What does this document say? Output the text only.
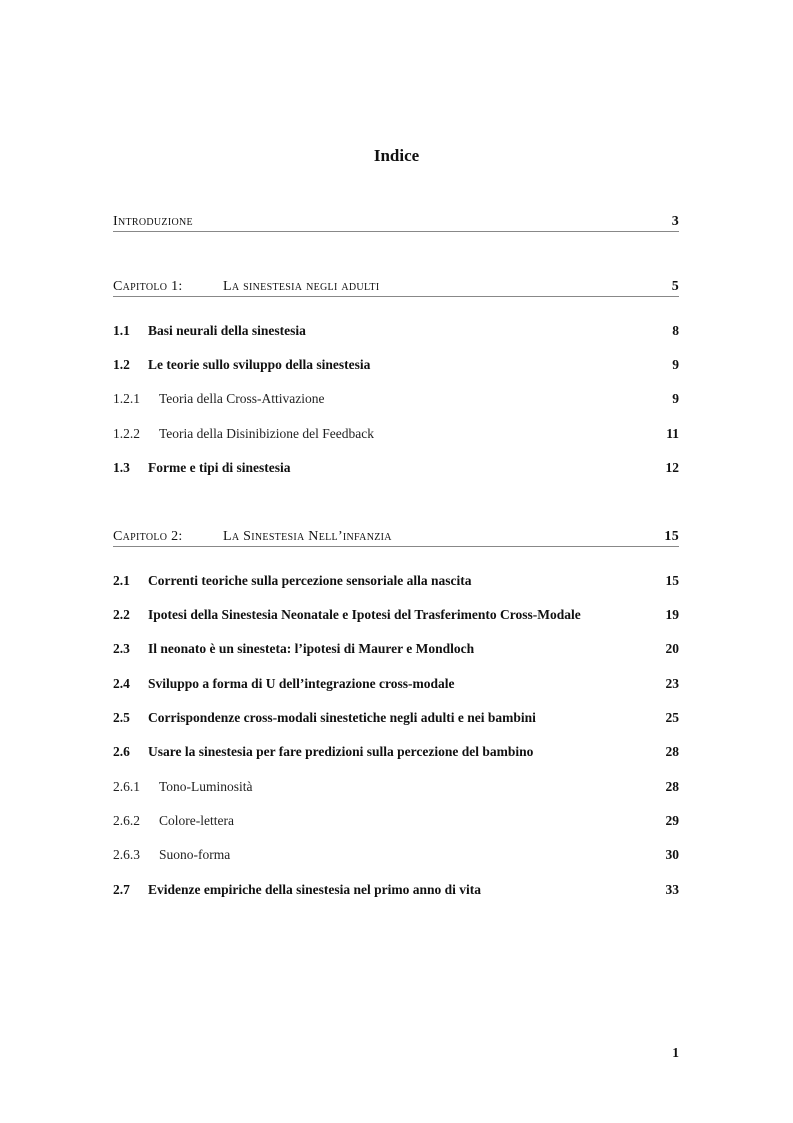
Indice
Introduzione	3
Capitolo 1:	La sinestesia negli adulti	5
1.1 Basi neurali della sinestesia	8
1.2 Le teorie sullo sviluppo della sinestesia	9
1.2.1 Teoria della Cross-Attivazione	9
1.2.2 Teoria della Disinibizione del Feedback	11
1.3 Forme e tipi di sinestesia	12
Capitolo 2:	La Sinestesia Nell’infanzia	15
2.1 Correnti teoriche sulla percezione sensoriale alla nascita	15
2.2 Ipotesi della Sinestesia Neonatale e Ipotesi del Trasferimento Cross-Modale	19
2.3 Il neonato è un sinesteta: l’ipotesi di Maurer e Mondloch	20
2.4 Sviluppo a forma di U dell’integrazione cross-modale	23
2.5 Corrispondenze cross-modali sinestetiche negli adulti e nei bambini	25
2.6 Usare la sinestesia per fare predizioni sulla percezione del bambino	28
2.6.1 Tono-Luminosità	28
2.6.2 Colore-lettera	29
2.6.3 Suono-forma	30
2.7 Evidenze empiriche della sinestesia nel primo anno di vita	33
1
